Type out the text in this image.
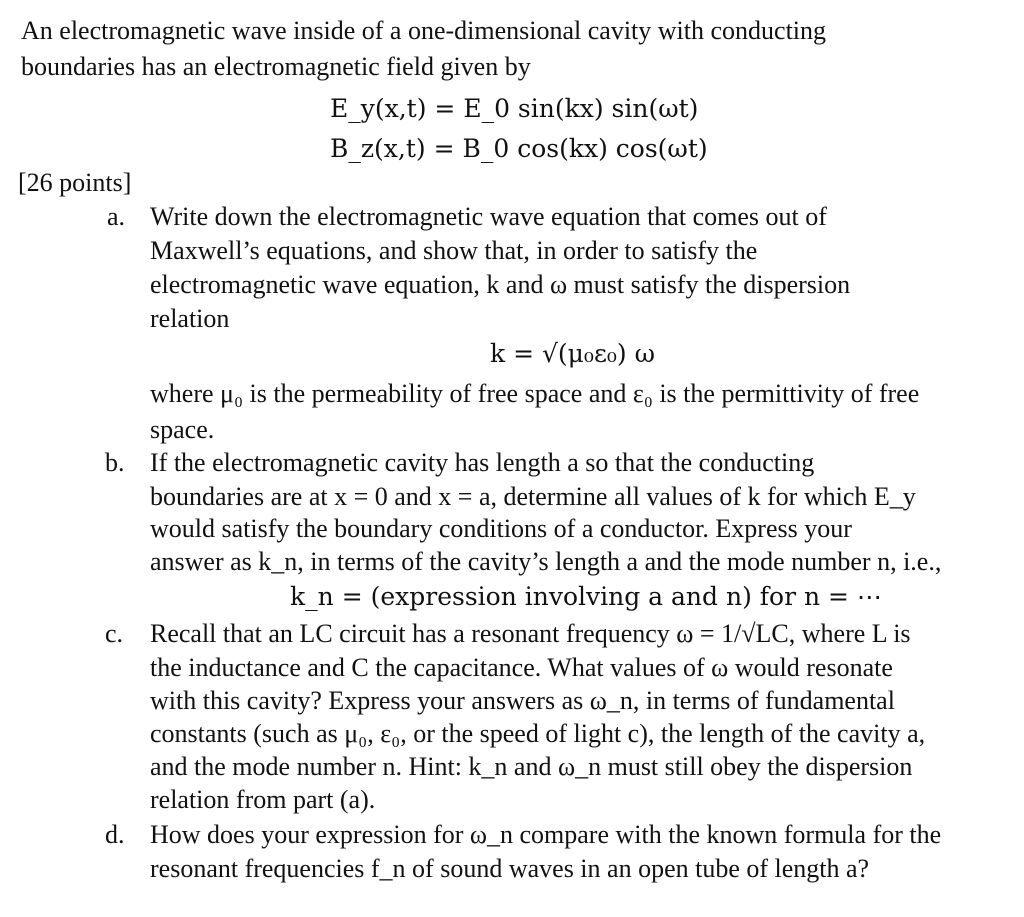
An electromagnetic wave inside of a one-dimensional cavity with conducting
boundaries has an electromagnetic field given by
E_y(x,t) = E_0 sin(kx) sin(ωt)
B_z(x,t) = B_0 cos(kx) cos(ωt)
[26 points]
a. Write down the electromagnetic wave equation that comes out of
Maxwell’s equations, and show that, in order to satisfy the
electromagnetic wave equation, k and ω must satisfy the dispersion
relation
k = √(μ₀ε₀) ω
where μ₀ is the permeability of free space and ε₀ is the permittivity of free
space.
b. If the electromagnetic cavity has length a so that the conducting
boundaries are at x = 0 and x = a, determine all values of k for which E_y
would satisfy the boundary conditions of a conductor. Express your
answer as k_n, in terms of the cavity’s length a and the mode number n, i.e.,
k_n = (expression involving a and n) for n = ⋯
c. Recall that an LC circuit has a resonant frequency ω = 1/√LC, where L is
the inductance and C the capacitance. What values of ω would resonate
with this cavity? Express your answers as ω_n, in terms of fundamental
constants (such as μ₀, ε₀, or the speed of light c), the length of the cavity a,
and the mode number n. Hint: k_n and ω_n must still obey the dispersion
relation from part (a).
d. How does your expression for ω_n compare with the known formula for the
resonant frequencies f_n of sound waves in an open tube of length a?
